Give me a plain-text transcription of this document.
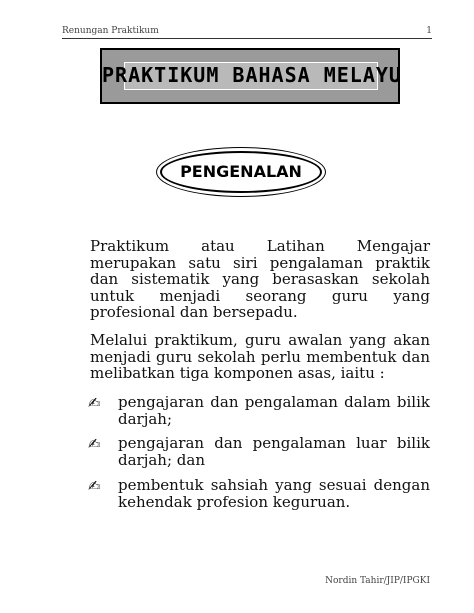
Renungan Praktikum	1
PRAKTIKUM BAHASA MELAYU
PENGENALAN
Praktikum atau Latihan Mengajar merupakan satu siri pengalaman praktik dan sistematik yang berasaskan sekolah untuk menjadi seorang guru yang profesional dan bersepadu.
Melalui praktikum, guru awalan yang akan menjadi guru sekolah perlu membentuk dan melibatkan tiga komponen asas, iaitu :
✍ pengajaran dan pengalaman dalam bilik darjah;
✍ pengajaran dan pengalaman luar bilik darjah; dan
✍ pembentuk sahsiah yang sesuai dengan kehendak profesion keguruan.
Nordin Tahir/JIP/IPGKI
